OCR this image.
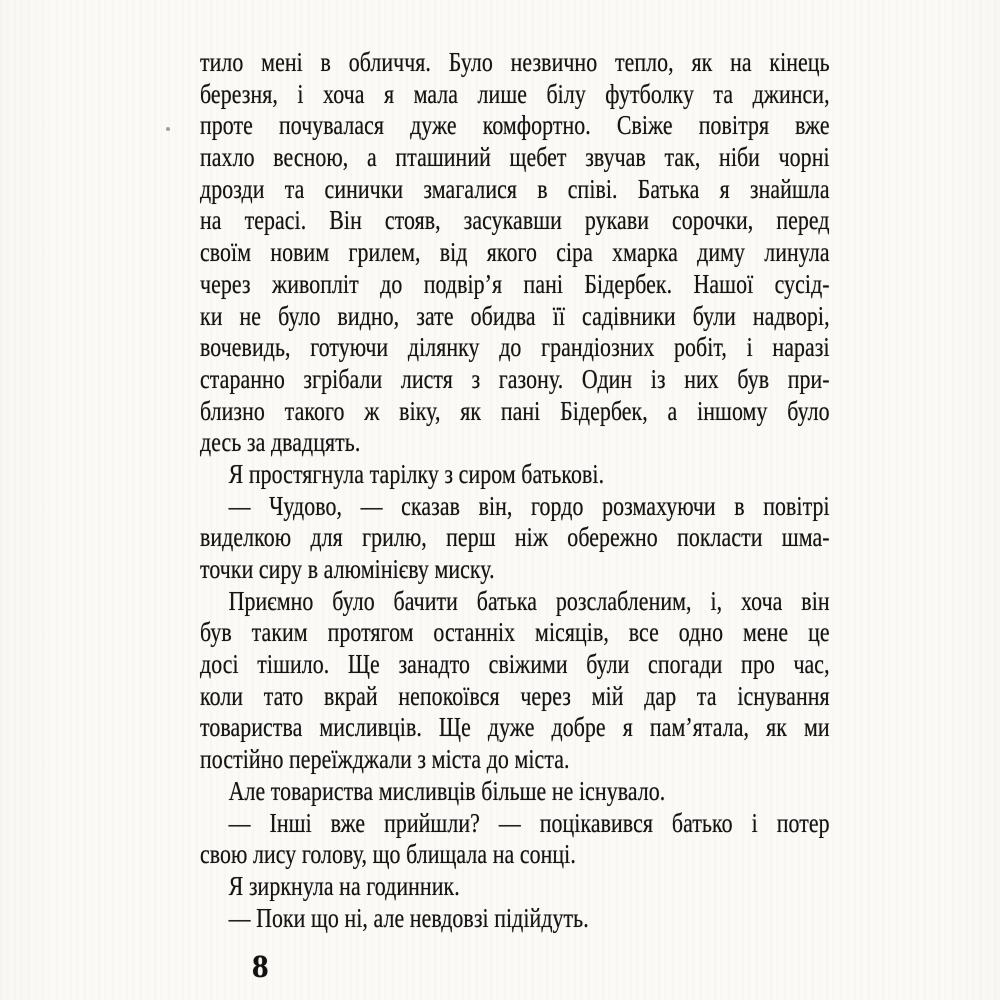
тило мені в обличчя. Було незвично тепло, як на кінець
березня, і хоча я мала лише білу футболку та джинси,
проте почувалася дуже комфортно. Свіже повітря вже
пахло весною, а пташиний щебет звучав так, ніби чорні
дрозди та синички змагалися в співі. Батька я знайшла
на терасі. Він стояв, засукавши рукави сорочки, перед
своїм новим грилем, від якого сіра хмарка диму линула
через живопліт до подвір’я пані Бідербек. Нашої сусід-
ки не було видно, зате обидва її садівники були надворі,
вочевидь, готуючи ділянку до грандіозних робіт, і наразі
старанно згрібали листя з газону. Один із них був при-
близно такого ж віку, як пані Бідербек, а іншому було
десь за двадцять.
Я простягнула тарілку з сиром батькові.
— Чудово, — сказав він, гордо розмахуючи в повітрі
виделкою для грилю, перш ніж обережно покласти шма-
точки сиру в алюмінієву миску.
Приємно було бачити батька розслабленим, і, хоча він
був таким протягом останніх місяців, все одно мене це
досі тішило. Ще занадто свіжими були спогади про час,
коли тато вкрай непокоївся через мій дар та існування
товариства мисливців. Ще дуже добре я пам’ятала, як ми
постійно переїжджали з міста до міста.
Але товариства мисливців більше не існувало.
— Інші вже прийшли? — поцікавився батько і потер
свою лису голову, що блищала на сонці.
Я зиркнула на годинник.
— Поки що ні, але невдовзі підійдуть.
8
